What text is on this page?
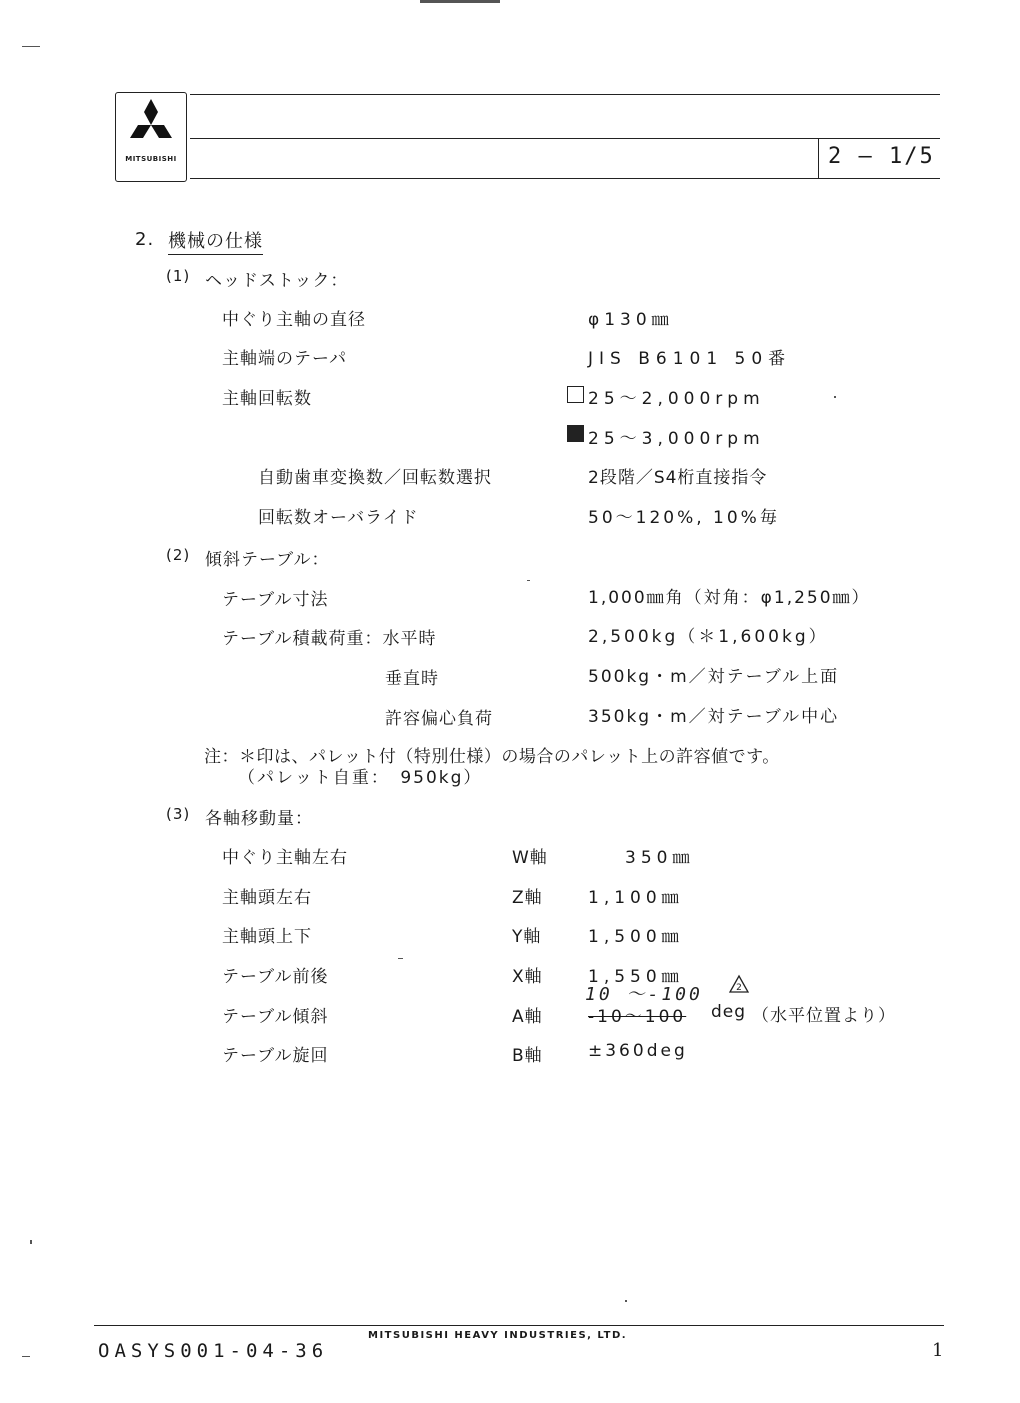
MITSUBISHI	2 — 1/5
2. 機械の仕様
(1) ヘッドストック：
中ぐり主軸の直径	φ130㎜
主軸端のテーパ	JIS B6101 50番
主軸回転数	25～2,000rpm
25～3,000rpm
自動歯車変換数／回転数選択	2段階／S4桁直接指令
回転数オーバライド	50～120%, 10%毎
(2) 傾斜テーブル：
テーブル寸法	1,000㎜角（対角：φ1,250㎜）
テーブル積載荷重：水平時	2,500kg（＊1,600kg）
垂直時	500kg・m／対テーブル上面
許容偏心負荷	350kg・m／対テーブル中心
注：＊印は、パレット付（特別仕様）の場合のパレット上の許容値です。
（パレット自重：　950kg）
(3) 各軸移動量：
中ぐり主軸左右	W軸	350㎜
主軸頭左右	Z軸	1,100㎜
主軸頭上下	Y軸	1,500㎜
テーブル前後	X軸	1,550㎜
10 ～-100	2
テーブル傾斜	A軸	-10～100 deg （水平位置より）
テーブル旋回	B軸	±360deg
MITSUBISHI HEAVY INDUSTRIES, LTD.
OASYS001-04-36	1
